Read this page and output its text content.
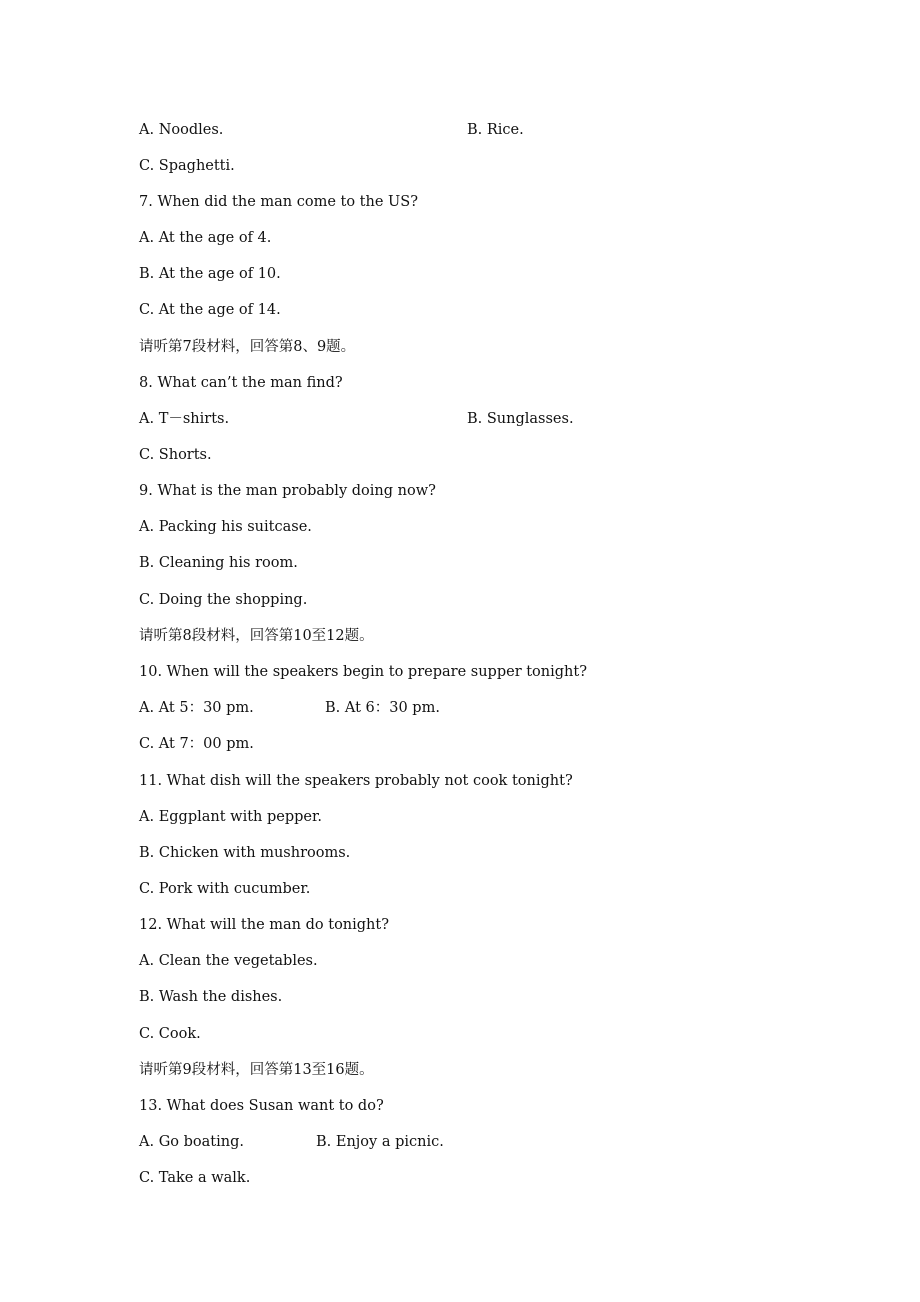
A. Noodles.	B. Rice.
C. Spaghetti.
7. When did the man come to the US?
A. At the age of 4.
B. At the age of 10.
C. At the age of 14.
请听第7段材料，回答第8、9题。
8. What can’t the man find?
A. T－shirts.	B. Sunglasses.
C. Shorts.
9. What is the man probably doing now?
A. Packing his suitcase.
B. Cleaning his room.
C. Doing the shopping.
请听第8段材料，回答第10至12题。
10. When will the speakers begin to prepare supper tonight?
A. At 5：30 pm.	B. At 6：30 pm.
C. At 7：00 pm.
11. What dish will the speakers probably not cook tonight?
A. Eggplant with pepper.
B. Chicken with mushrooms.
C. Pork with cucumber.
12. What will the man do tonight?
A. Clean the vegetables.
B. Wash the dishes.
C. Cook.
请听第9段材料，回答第13至16题。
13. What does Susan want to do?
A. Go boating.	B. Enjoy a picnic.
C. Take a walk.
